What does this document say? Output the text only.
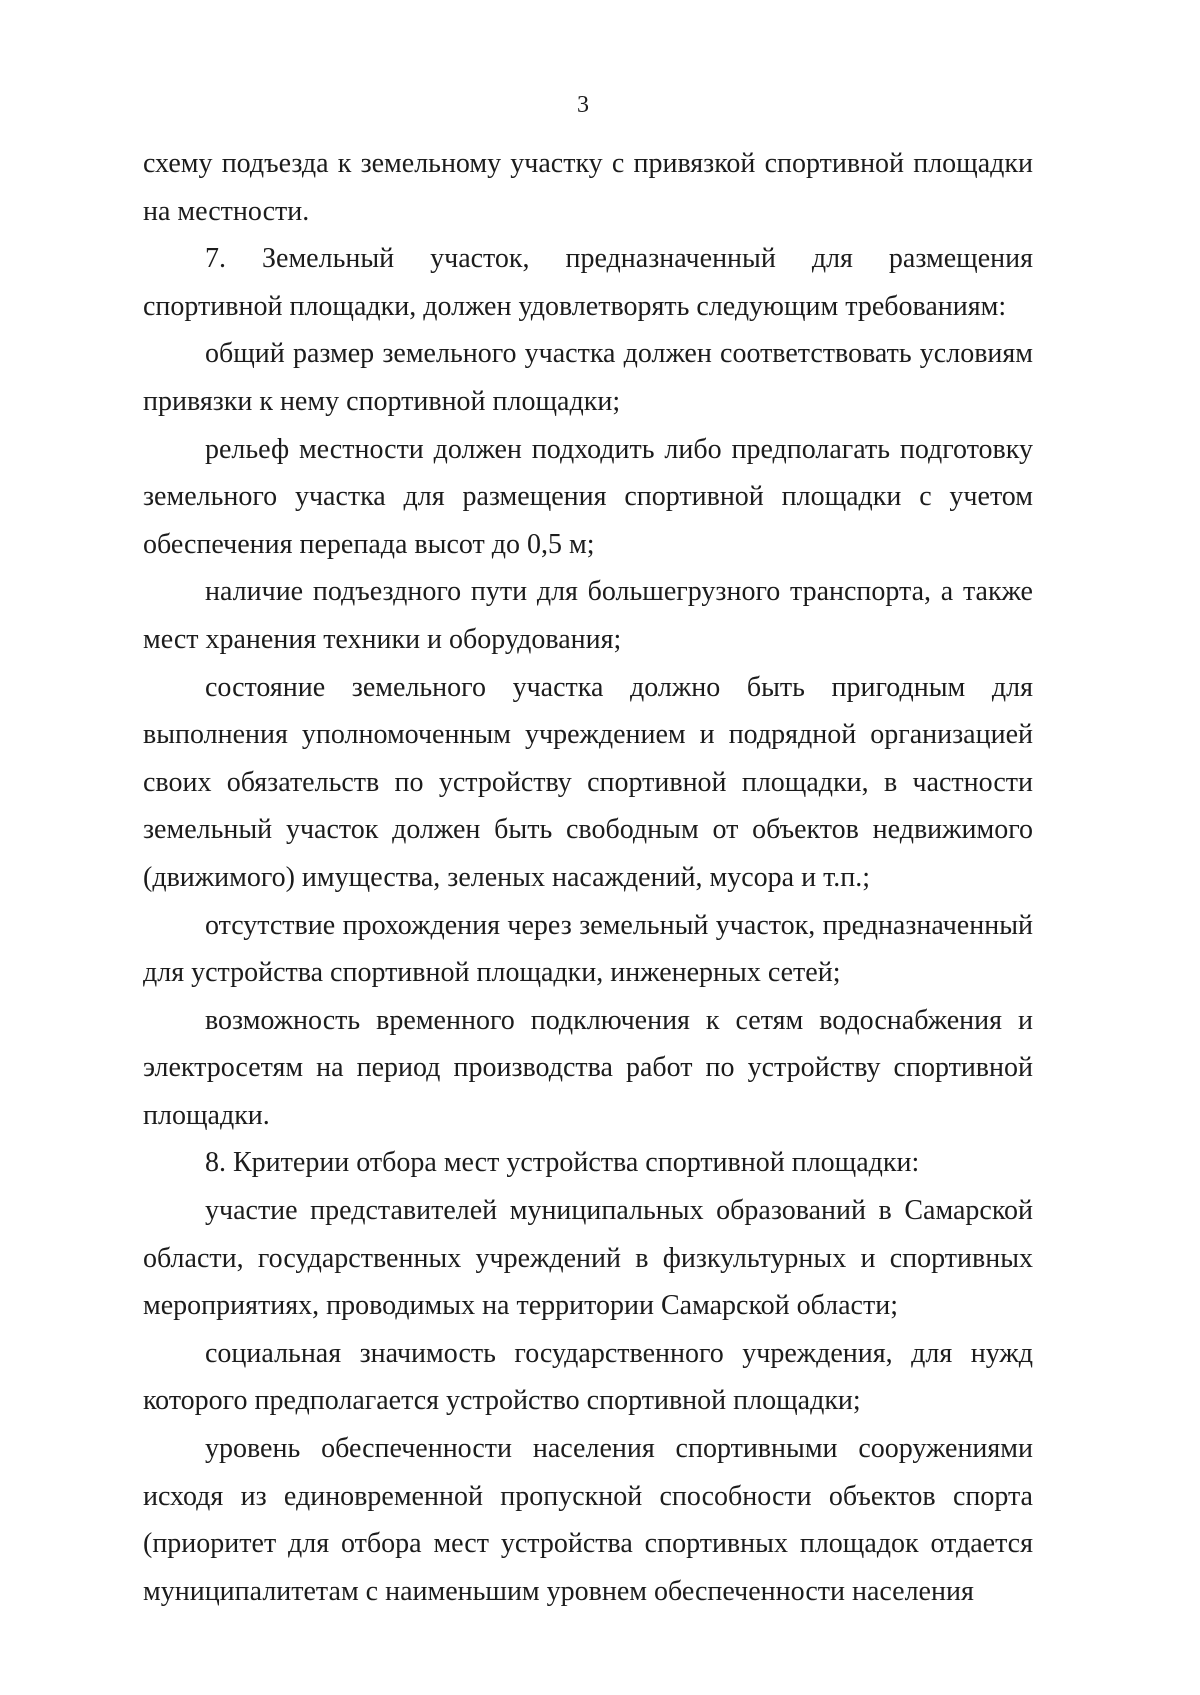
3

схему подъезда к земельному участку с привязкой спортивной площадки на местности.

7. Земельный участок, предназначенный для размещения спортивной площадки, должен удовлетворять следующим требованиям:

общий размер земельного участка должен соответствовать условиям привязки к нему спортивной площадки;

рельеф местности должен подходить либо предполагать подготовку земельного участка для размещения спортивной площадки с учетом обеспечения перепада высот до 0,5 м;

наличие подъездного пути для большегрузного транспорта, а также мест хранения техники и оборудования;

состояние земельного участка должно быть пригодным для выполнения уполномоченным учреждением и подрядной организацией своих обязательств по устройству спортивной площадки, в частности земельный участок должен быть свободным от объектов недвижимого (движимого) имущества, зеленых насаждений, мусора и т.п.;

отсутствие прохождения через земельный участок, предназначенный для устройства спортивной площадки, инженерных сетей;

возможность временного подключения к сетям водоснабжения и электросетям на период производства работ по устройству спортивной площадки.

8. Критерии отбора мест устройства спортивной площадки:

участие представителей муниципальных образований в Самарской области, государственных учреждений в физкультурных и спортивных мероприятиях, проводимых на территории Самарской области;

социальная значимость государственного учреждения, для нужд которого предполагается устройство спортивной площадки;

уровень обеспеченности населения спортивными сооружениями исходя из единовременной пропускной способности объектов спорта (приоритет для отбора мест устройства спортивных площадок отдается муниципалитетам с наименьшим уровнем обеспеченности населения
